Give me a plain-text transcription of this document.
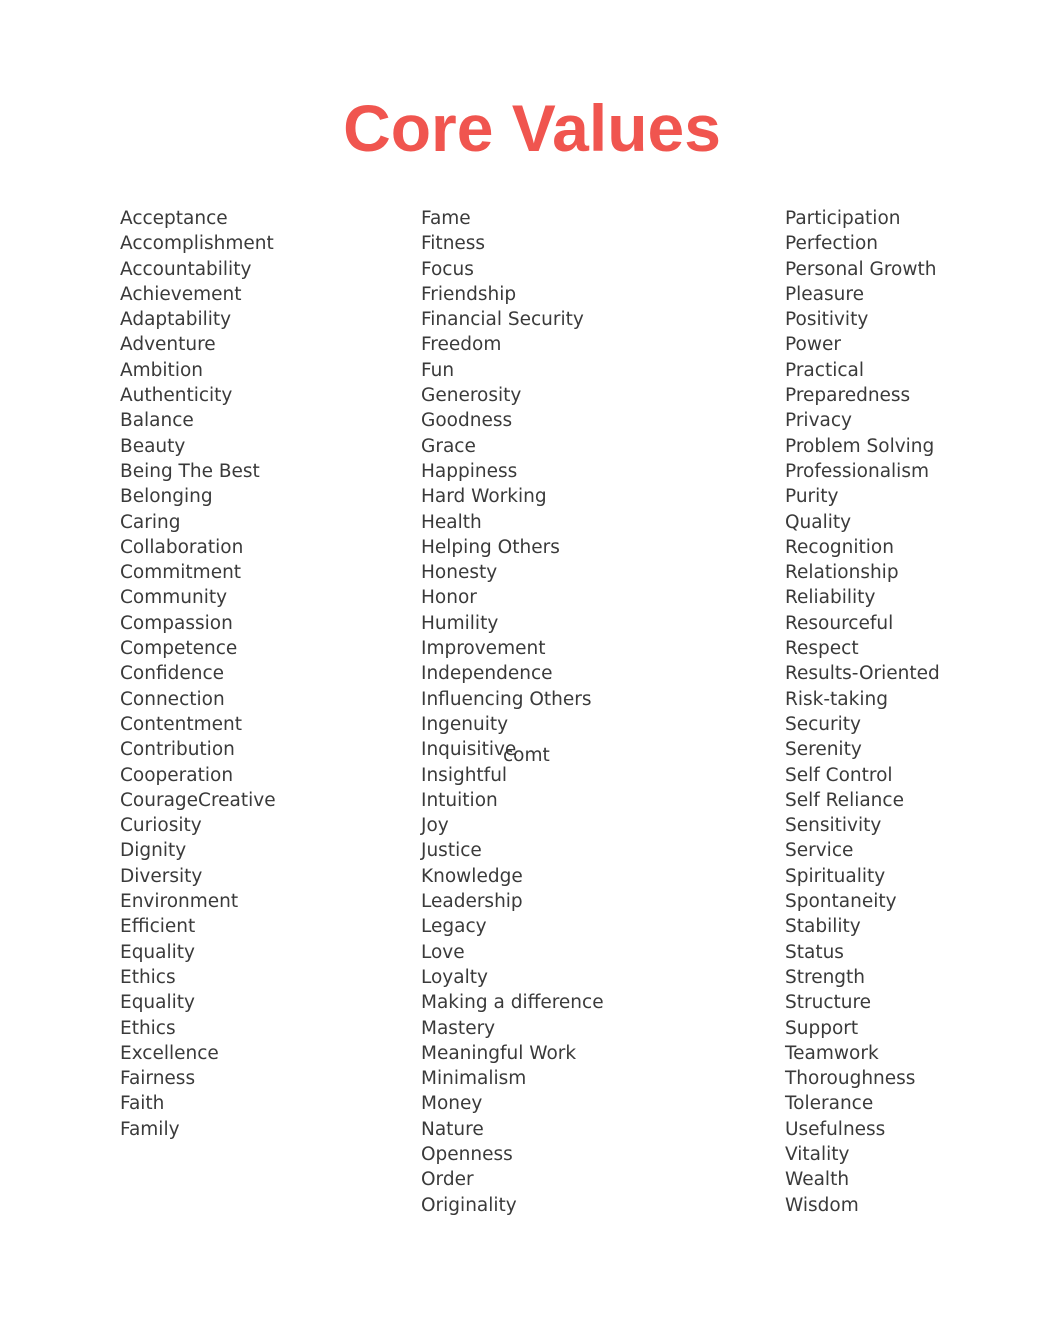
Core Values
Acceptance
Accomplishment
Accountability
Achievement
Adaptability
Adventure
Ambition
Authenticity
Balance
Beauty
Being The Best
Belonging
Caring
Collaboration
Commitment
Community
Compassion
Competence
Confidence
Connection
Contentment
Contribution
Cooperation
CourageCreative
Curiosity
Dignity
Diversity
Environment
Efficient
Equality
Ethics
Equality
Ethics
Excellence
Fairness
Faith
Family
Fame
Fitness
Focus
Friendship
Financial Security
Freedom
Fun
Generosity
Goodness
Grace
Happiness
Hard Working
Health
Helping Others
Honesty
Honor
Humility
Improvement
Independence
Influencing Others
Ingenuity
Inquisitive
Insightful
Intuition
Joy
Justice
Knowledge
Leadership
Legacy
Love
Loyalty
Making a difference
Mastery
Meaningful Work
Minimalism
Money
Nature
Openness
Order
Originality
Participation
Perfection
Personal Growth
Pleasure
Positivity
Power
Practical
Preparedness
Privacy
Problem Solving
Professionalism
Purity
Quality
Recognition
Relationship
Reliability
Resourceful
Respect
Results-Oriented
Risk-taking
Security
Serenity
Self Control
Self Reliance
Sensitivity
Service
Spirituality
Spontaneity
Stability
Status
Strength
Structure
Support
Teamwork
Thoroughness
Tolerance
Usefulness
Vitality
Wealth
Wisdom
comt
